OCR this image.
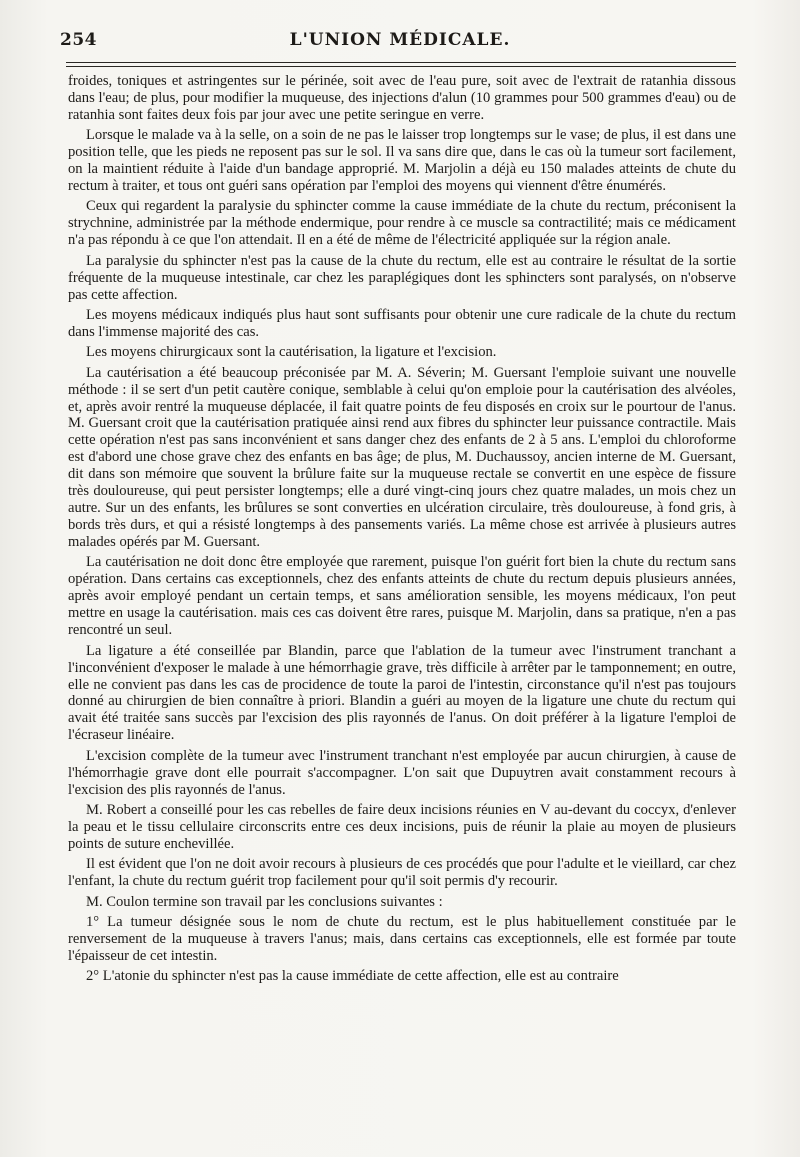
254	L'UNION MÉDICALE.

froides, toniques et astringentes sur le périnée, soit avec de l'eau pure, soit avec de l'extrait de ratanhia dissous dans l'eau; de plus, pour modifier la muqueuse, des injections d'alun (10 grammes pour 500 grammes d'eau) ou de ratanhia sont faites deux fois par jour avec une petite seringue en verre.

Lorsque le malade va à la selle, on a soin de ne pas le laisser trop longtemps sur le vase; de plus, il est dans une position telle, que les pieds ne reposent pas sur le sol. Il va sans dire que, dans le cas où la tumeur sort facilement, on la maintient réduite à l'aide d'un bandage approprié. M. Marjolin a déjà eu 150 malades atteints de chute du rectum à traiter, et tous ont guéri sans opération par l'emploi des moyens qui viennent d'être énumérés.

Ceux qui regardent la paralysie du sphincter comme la cause immédiate de la chute du rectum, préconisent la strychnine, administrée par la méthode endermique, pour rendre à ce muscle sa contractilité; mais ce médicament n'a pas répondu à ce que l'on attendait. Il en a été de même de l'électricité appliquée sur la région anale.

La paralysie du sphincter n'est pas la cause de la chute du rectum, elle est au contraire le résultat de la sortie fréquente de la muqueuse intestinale, car chez les paraplégiques dont les sphincters sont paralysés, on n'observe pas cette affection.

Les moyens médicaux indiqués plus haut sont suffisants pour obtenir une cure radicale de la chute du rectum dans l'immense majorité des cas.

Les moyens chirurgicaux sont la cautérisation, la ligature et l'excision.

La cautérisation a été beaucoup préconisée par M. A. Séverin; M. Guersant l'emploie suivant une nouvelle méthode : il se sert d'un petit cautère conique, semblable à celui qu'on emploie pour la cautérisation des alvéoles, et, après avoir rentré la muqueuse déplacée, il fait quatre points de feu disposés en croix sur le pourtour de l'anus. M. Guersant croit que la cautérisation pratiquée ainsi rend aux fibres du sphincter leur puissance contractile. Mais cette opération n'est pas sans inconvénient et sans danger chez des enfants de 2 à 5 ans. L'emploi du chloroforme est d'abord une chose grave chez des enfants en bas âge; de plus, M. Duchaussoy, ancien interne de M. Guersant, dit dans son mémoire que souvent la brûlure faite sur la muqueuse rectale se convertit en une espèce de fissure très douloureuse, qui peut persister longtemps; elle a duré vingt-cinq jours chez quatre malades, un mois chez un autre. Sur un des enfants, les brûlures se sont converties en ulcération circulaire, très douloureuse, à fond gris, à bords très durs, et qui a résisté longtemps à des pansements variés. La même chose est arrivée à plusieurs autres malades opérés par M. Guersant.

La cautérisation ne doit donc être employée que rarement, puisque l'on guérit fort bien la chute du rectum sans opération. Dans certains cas exceptionnels, chez des enfants atteints de chute du rectum depuis plusieurs années, après avoir employé pendant un certain temps, et sans amélioration sensible, les moyens médicaux, l'on peut mettre en usage la cautérisation. mais ces cas doivent être rares, puisque M. Marjolin, dans sa pratique, n'en a pas rencontré un seul.

La ligature a été conseillée par Blandin, parce que l'ablation de la tumeur avec l'instrument tranchant a l'inconvénient d'exposer le malade à une hémorrhagie grave, très difficile à arrêter par le tamponnement; en outre, elle ne convient pas dans les cas de procidence de toute la paroi de l'intestin, circonstance qu'il n'est pas toujours donné au chirurgien de bien connaître à priori. Blandin a guéri au moyen de la ligature une chute du rectum qui avait été traitée sans succès par l'excision des plis rayonnés de l'anus. On doit préférer à la ligature l'emploi de l'écraseur linéaire.

L'excision complète de la tumeur avec l'instrument tranchant n'est employée par aucun chirurgien, à cause de l'hémorrhagie grave dont elle pourrait s'accompagner. L'on sait que Dupuytren avait constamment recours à l'excision des plis rayonnés de l'anus.

M. Robert a conseillé pour les cas rebelles de faire deux incisions réunies en V au-devant du coccyx, d'enlever la peau et le tissu cellulaire circonscrits entre ces deux incisions, puis de réunir la plaie au moyen de plusieurs points de suture enchevillée.

Il est évident que l'on ne doit avoir recours à plusieurs de ces procédés que pour l'adulte et le vieillard, car chez l'enfant, la chute du rectum guérit trop facilement pour qu'il soit permis d'y recourir.

M. Coulon termine son travail par les conclusions suivantes :

1° La tumeur désignée sous le nom de chute du rectum, est le plus habituellement constituée par le renversement de la muqueuse à travers l'anus; mais, dans certains cas exceptionnels, elle est formée par toute l'épaisseur de cet intestin.

2° L'atonie du sphincter n'est pas la cause immédiate de cette affection, elle est au contraire
